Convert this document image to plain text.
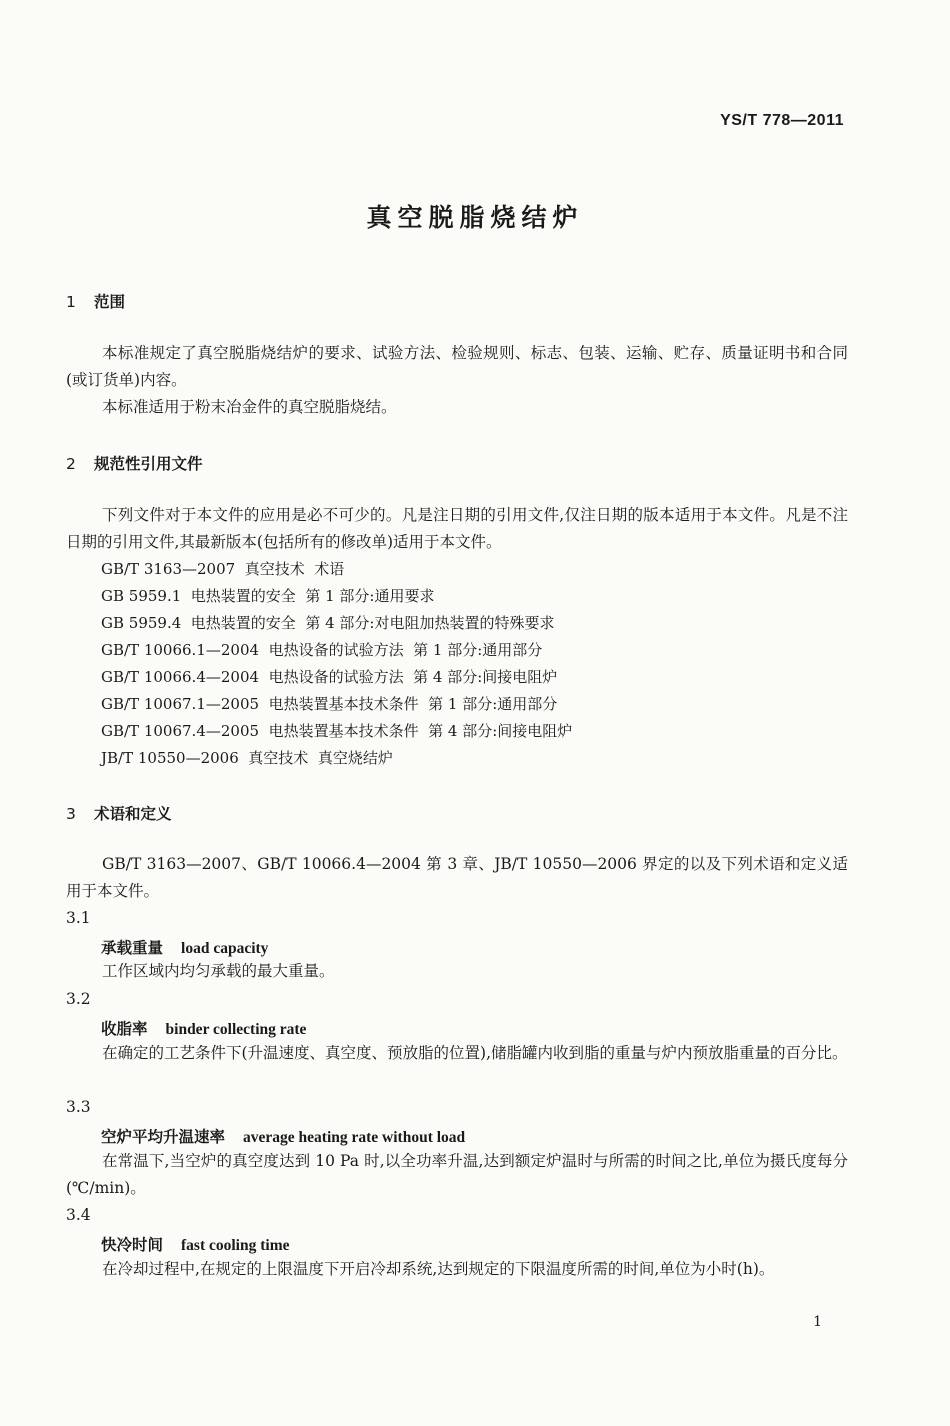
YS/T 778—2011
真空脱脂烧结炉
1 范围
本标准规定了真空脱脂烧结炉的要求、试验方法、检验规则、标志、包装、运输、贮存、质量证明书和合同(或订货单)内容。
本标准适用于粉末冶金件的真空脱脂烧结。
2 规范性引用文件
下列文件对于本文件的应用是必不可少的。凡是注日期的引用文件,仅注日期的版本适用于本文件。凡是不注日期的引用文件,其最新版本(包括所有的修改单)适用于本文件。
GB/T 3163—2007  真空技术  术语
GB 5959.1  电热装置的安全  第 1 部分:通用要求
GB 5959.4  电热装置的安全  第 4 部分:对电阻加热装置的特殊要求
GB/T 10066.1—2004  电热设备的试验方法  第 1 部分:通用部分
GB/T 10066.4—2004  电热设备的试验方法  第 4 部分:间接电阻炉
GB/T 10067.1—2005  电热装置基本技术条件  第 1 部分:通用部分
GB/T 10067.4—2005  电热装置基本技术条件  第 4 部分:间接电阻炉
JB/T 10550—2006  真空技术  真空烧结炉
3 术语和定义
GB/T 3163—2007、GB/T 10066.4—2004 第 3 章、JB/T 10550—2006 界定的以及下列术语和定义适用于本文件。
3.1
承载重量 load capacity
工作区域内均匀承载的最大重量。
3.2
收脂率 binder collecting rate
在确定的工艺条件下(升温速度、真空度、预放脂的位置),储脂罐内收到脂的重量与炉内预放脂重量的百分比。
3.3
空炉平均升温速率 average heating rate without load
在常温下,当空炉的真空度达到 10 Pa 时,以全功率升温,达到额定炉温时与所需的时间之比,单位为摄氏度每分(℃/min)。
3.4
快冷时间 fast cooling time
在冷却过程中,在规定的上限温度下开启冷却系统,达到规定的下限温度所需的时间,单位为小时(h)。
1
